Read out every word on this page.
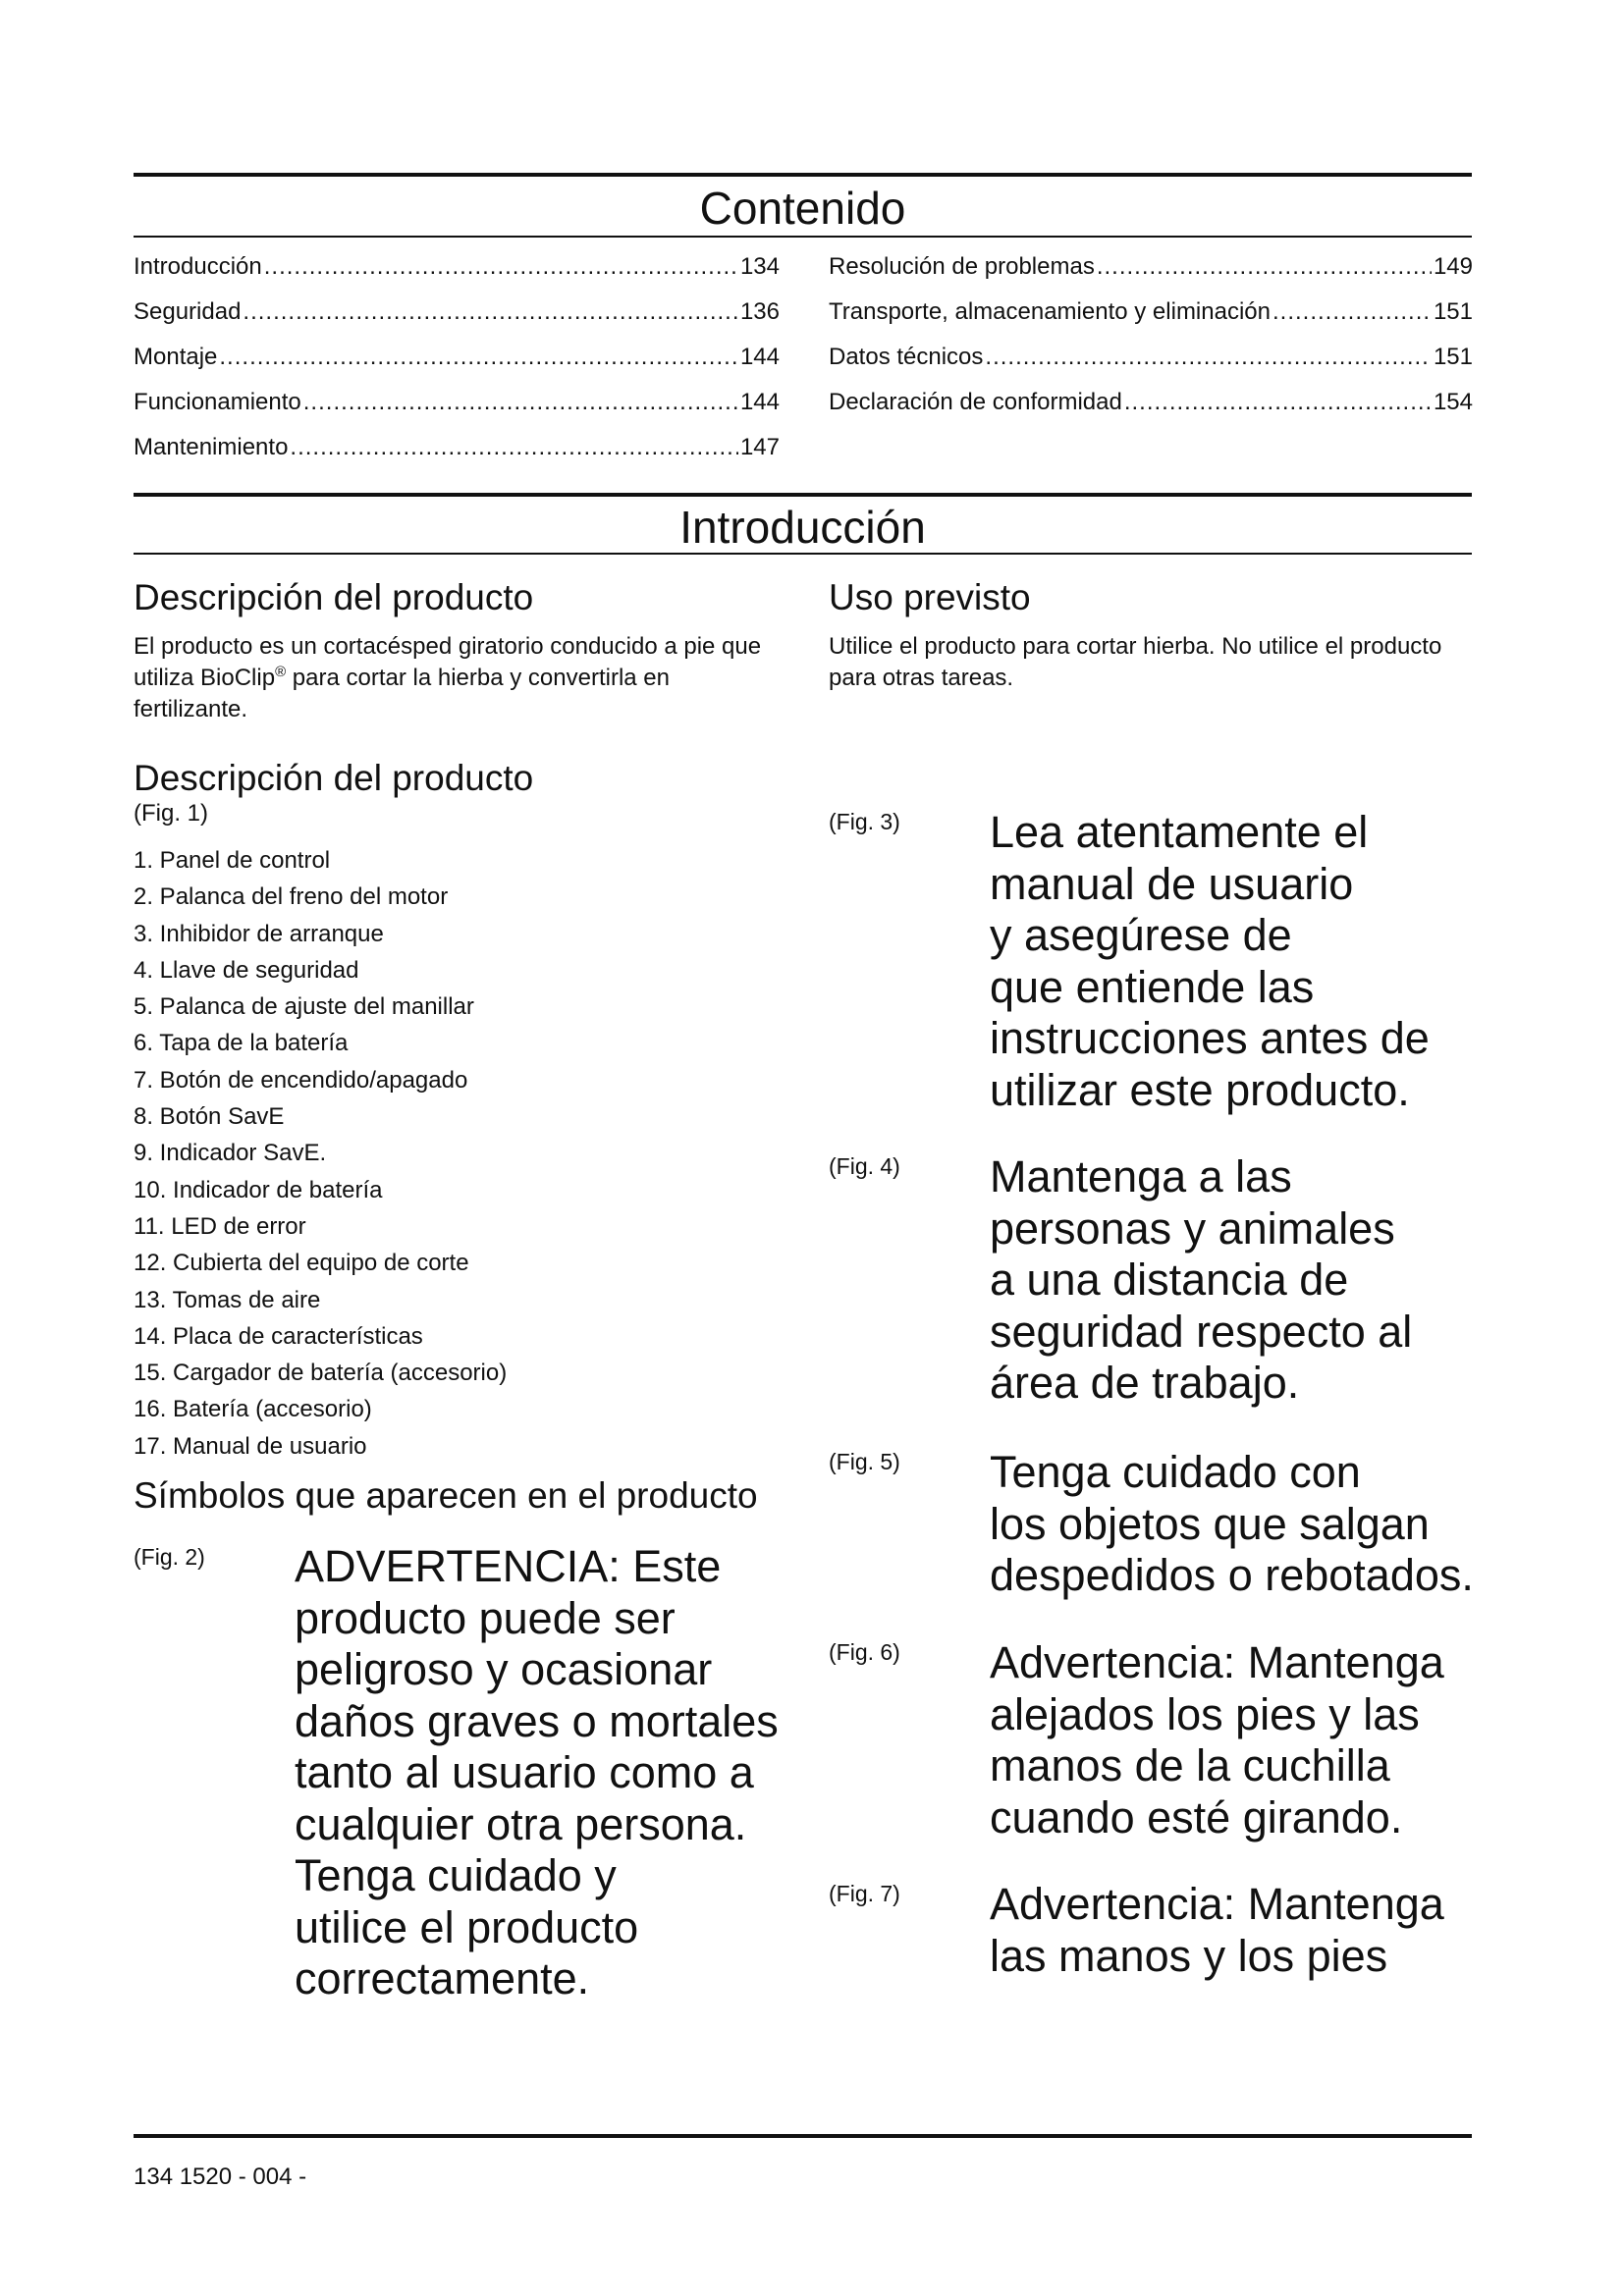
Contenido
Introducción .....	134
Seguridad .....	136
Montaje .....	144
Funcionamiento .....	144
Mantenimiento .....	147
Resolución de problemas .....	149
Transporte, almacenamiento y eliminación .....	151
Datos técnicos .....	151
Declaración de conformidad .....	154
Introducción
Descripción del producto

El producto es un cortacésped giratorio conducido a pie que utiliza BioClip® para cortar la hierba y convertirla en fertilizante.

Uso previsto

Utilice el producto para cortar hierba. No utilice el producto para otras tareas.

Descripción del producto
(Fig. 1)
1. Panel de control
2. Palanca del freno del motor
3. Inhibidor de arranque
4. Llave de seguridad
5. Palanca de ajuste del manillar
6. Tapa de la batería
7. Botón de encendido/apagado
8. Botón SavE
9. Indicador SavE.
10. Indicador de batería
11. LED de error
12. Cubierta del equipo de corte
13. Tomas de aire
14. Placa de características
15. Cargador de batería (accesorio)
16. Batería (accesorio)
17. Manual de usuario
Símbolos que aparecen en el producto
(Fig. 2) ADVERTENCIA: Este
producto puede ser
peligroso y ocasionar
daños graves o mortales
tanto al usuario como a
cualquier otra persona.
Tenga cuidado y
utilice el producto
correctamente.
(Fig. 3) Lea atentamente el
manual de usuario
y asegúrese de
que entiende las
instrucciones antes de
utilizar este producto.
(Fig. 4) Mantenga a las
personas y animales
a una distancia de
seguridad respecto al
área de trabajo.
(Fig. 5) Tenga cuidado con
los objetos que salgan
despedidos o rebotados.
(Fig. 6) Advertencia: Mantenga
alejados los pies y las
manos de la cuchilla
cuando esté girando.
(Fig. 7) Advertencia: Mantenga
las manos y los pies
134 1520 - 004 -
